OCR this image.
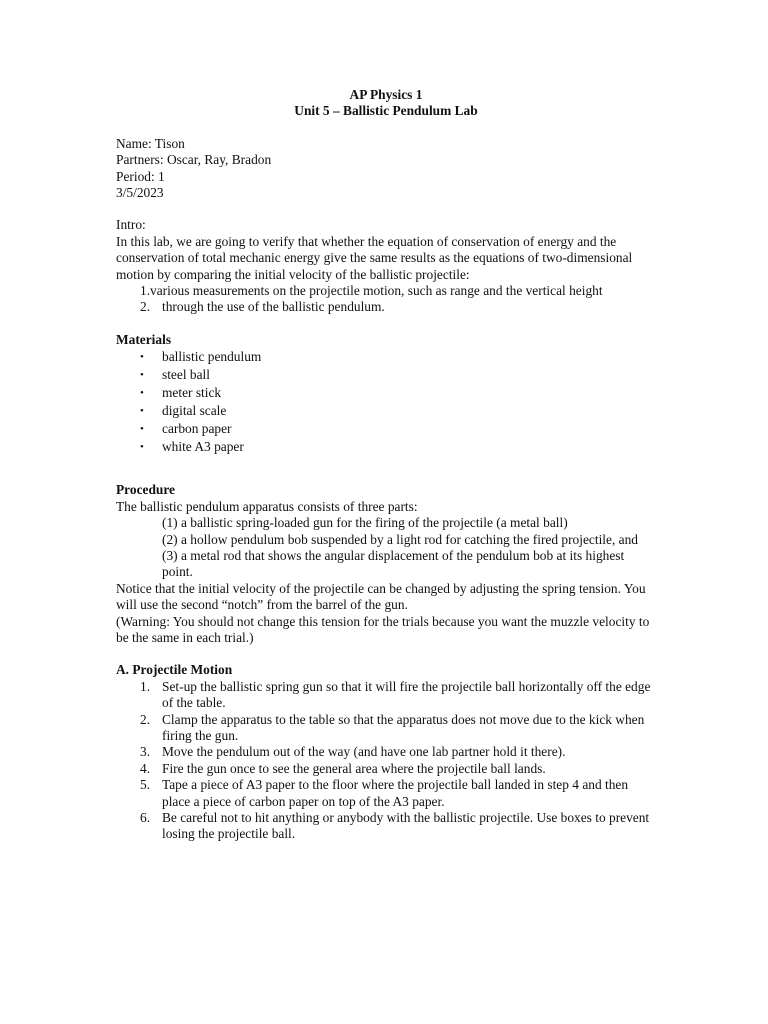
AP Physics 1
Unit 5 – Ballistic Pendulum Lab
Name: Tison
Partners: Oscar, Ray, Bradon
Period: 1
3/5/2023
Intro:
In this lab, we are going to verify that whether the equation of conservation of energy and the conservation of total mechanic energy give the same results as the equations of two-dimensional motion by comparing the initial velocity of the ballistic projectile:
1.various measurements on the projectile motion, such as range and the vertical height
2. through the use of the ballistic pendulum.
Materials
•	ballistic pendulum
•	steel ball
•	meter stick
•	digital scale
•	carbon paper
•	white A3 paper
Procedure
The ballistic pendulum apparatus consists of three parts:
(1) a ballistic spring-loaded gun for the firing of the projectile (a metal ball)
(2) a hollow pendulum bob suspended by a light rod for catching the fired projectile, and
(3) a metal rod that shows the angular displacement of the pendulum bob at its highest point.
Notice that the initial velocity of the projectile can be changed by adjusting the spring tension. You will use the second “notch” from the barrel of the gun.
(Warning: You should not change this tension for the trials because you want the muzzle velocity to be the same in each trial.)
A. Projectile Motion
1. Set-up the ballistic spring gun so that it will fire the projectile ball horizontally off the edge of the table.
2. Clamp the apparatus to the table so that the apparatus does not move due to the kick when firing the gun.
3. Move the pendulum out of the way (and have one lab partner hold it there).
4. Fire the gun once to see the general area where the projectile ball lands.
5. Tape a piece of A3 paper to the floor where the projectile ball landed in step 4 and then place a piece of carbon paper on top of the A3 paper.
6. Be careful not to hit anything or anybody with the ballistic projectile. Use boxes to prevent losing the projectile ball.
